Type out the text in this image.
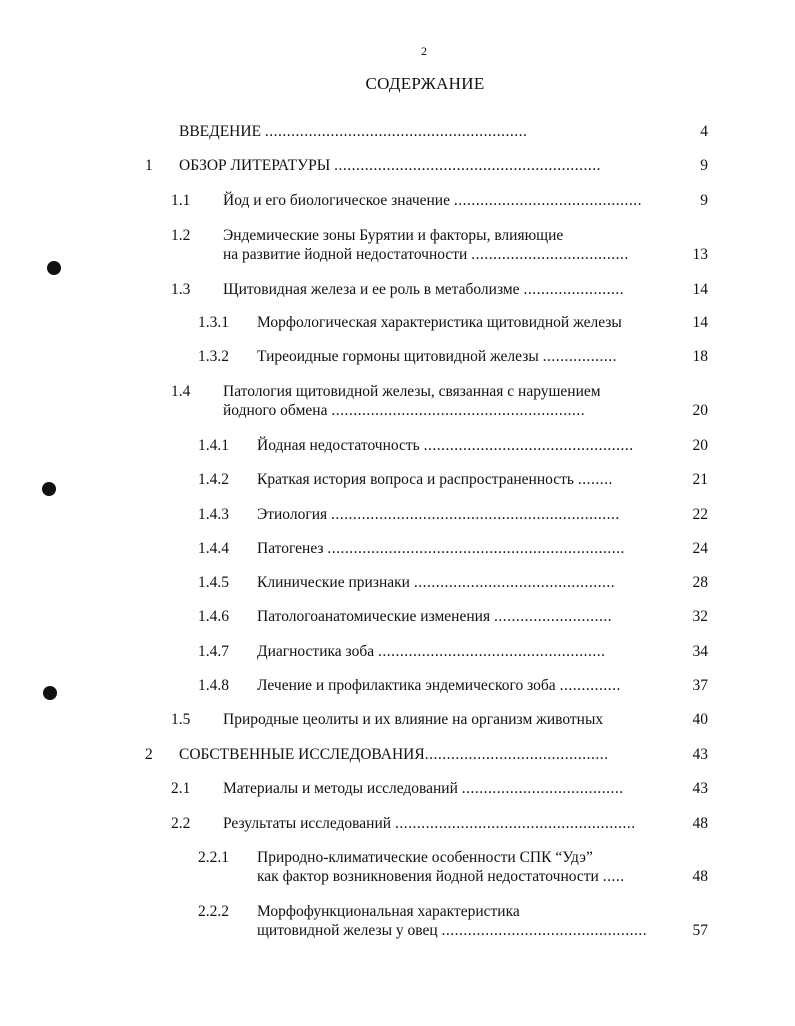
2
СОДЕРЖАНИЕ
ВВЕДЕНИЕ ............................................................	4
1 ОБЗОР ЛИТЕРАТУРЫ .............................................................	9
1.1 Йод и его биологическое значение ...........................................	9
1.2 Эндемические зоны Бурятии и факторы, влияющие
на развитие йодной недостаточности ....................................	13
1.3 Щитовидная железа и ее роль в метаболизме .......................	14
1.3.1 Морфологическая характеристика щитовидной железы	14
1.3.2 Тиреоидные гормоны щитовидной железы .................	18
1.4 Патология щитовидной железы, связанная с нарушением
йодного обмена ..........................................................	20
1.4.1 Йодная недостаточность ................................................	20
1.4.2 Краткая история вопроса и распространенность ........	21
1.4.3 Этиология ..................................................................	22
1.4.4 Патогенез ....................................................................	24
1.4.5 Клинические признаки ..............................................	28
1.4.6 Патологоанатомические изменения ...........................	32
1.4.7 Диагностика зоба ....................................................	34
1.4.8 Лечение и профилактика эндемического зоба ..............	37
1.5 Природные цеолиты и их влияние на организм животных	40
2 СОБСТВЕННЫЕ ИССЛЕДОВАНИЯ..........................................	43
2.1 Материалы и методы исследований .....................................	43
2.2 Результаты исследований .......................................................	48
2.2.1 Природно-климатические особенности СПК “Удэ”
как фактор возникновения йодной недостаточности .....	48
2.2.2 Морфофункциональная характеристика
щитовидной железы у овец ...............................................	57
